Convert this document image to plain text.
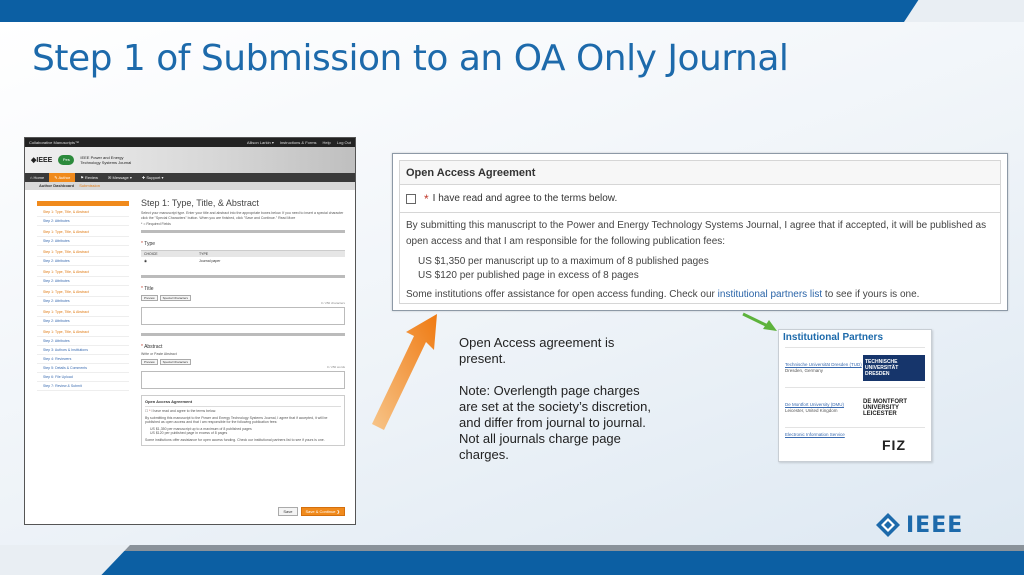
Step 1 of Submission to an OA Only Journal
Collaborative Manuscripts™	Allison Larkin ▾ Instructions & Forms Help Log Out
◆IEEE	Pes	IEEE Power and Energy Technology Systems Journal
⌂ Home	✎ Author	⚑ Review	✉ Message ▾	✚ Support ▾
Author Dashboard Submission
Step 1: Type, Title, & Abstract
Step 2: Attributes
Step 1: Type, Title, & Abstract
Step 2: Attributes
Step 1: Type, Title, & Abstract
Step 2: Attributes
Step 1: Type, Title, & Abstract
Step 2: Attributes
Step 1: Type, Title, & Abstract
Step 2: Attributes
Step 1: Type, Title, & Abstract
Step 2: Attributes
Step 1: Type, Title, & Abstract
Step 2: Attributes
Step 3: Authors & Institutions
Step 4: Reviewers
Step 5: Details & Comments
Step 6: File Upload
Step 7: Review & Submit
Step 1: Type, Title, & Abstract
Select your manuscript type. Enter your title and abstract into the appropriate boxes below. If you need to insert a special character click the "Special Characters" button. When you are finished, click "Save and Continue." Read More
* = Required Fields
* Type
CHOICE	TYPE
◉	Journal paper
* Title
Preview	Special Characters
0 / 250 characters
* Abstract
Write or Paste Abstract
Preview	Special Characters
0 / 250 words
Open Access Agreement
☐ * I have read and agree to the terms below.
By submitting this manuscript to the Power and Energy Technology Systems Journal, I agree that if accepted, it will be published as open access and that I am responsible for the following publication fees:
US $1,350 per manuscript up to a maximum of 8 published pages
US $120 per published page in excess of 8 pages
Some institutions offer assistance for open access funding. Check our institutional partners list to see if yours is one.
Save	Save & Continue ❯
Open Access Agreement
* I have read and agree to the terms below.
By submitting this manuscript to the Power and Energy Technology Systems Journal, I agree that if accepted, it will be published as open access and that I am responsible for the following publication fees:
US $1,350 per manuscript up to a maximum of 8 published pages
US $120 per published page in excess of 8 pages
Some institutions offer assistance for open access funding. Check our institutional partners list to see if yours is one.

Open Access agreement is present.

Note: Overlength page charges are set at the society’s discretion, and differ from journal to journal. Not all journals charge page charges.

Institutional Partners
Technische Universität Dresden (TUD)
Dresden, Germany
TECHNISCHE UNIVERSITÄT DRESDEN
De Montfort University (DMU)
Leicester, United Kingdom
DE MONTFORT UNIVERSITY LEICESTER
Electronic Information Service
FIZ
IEEE
